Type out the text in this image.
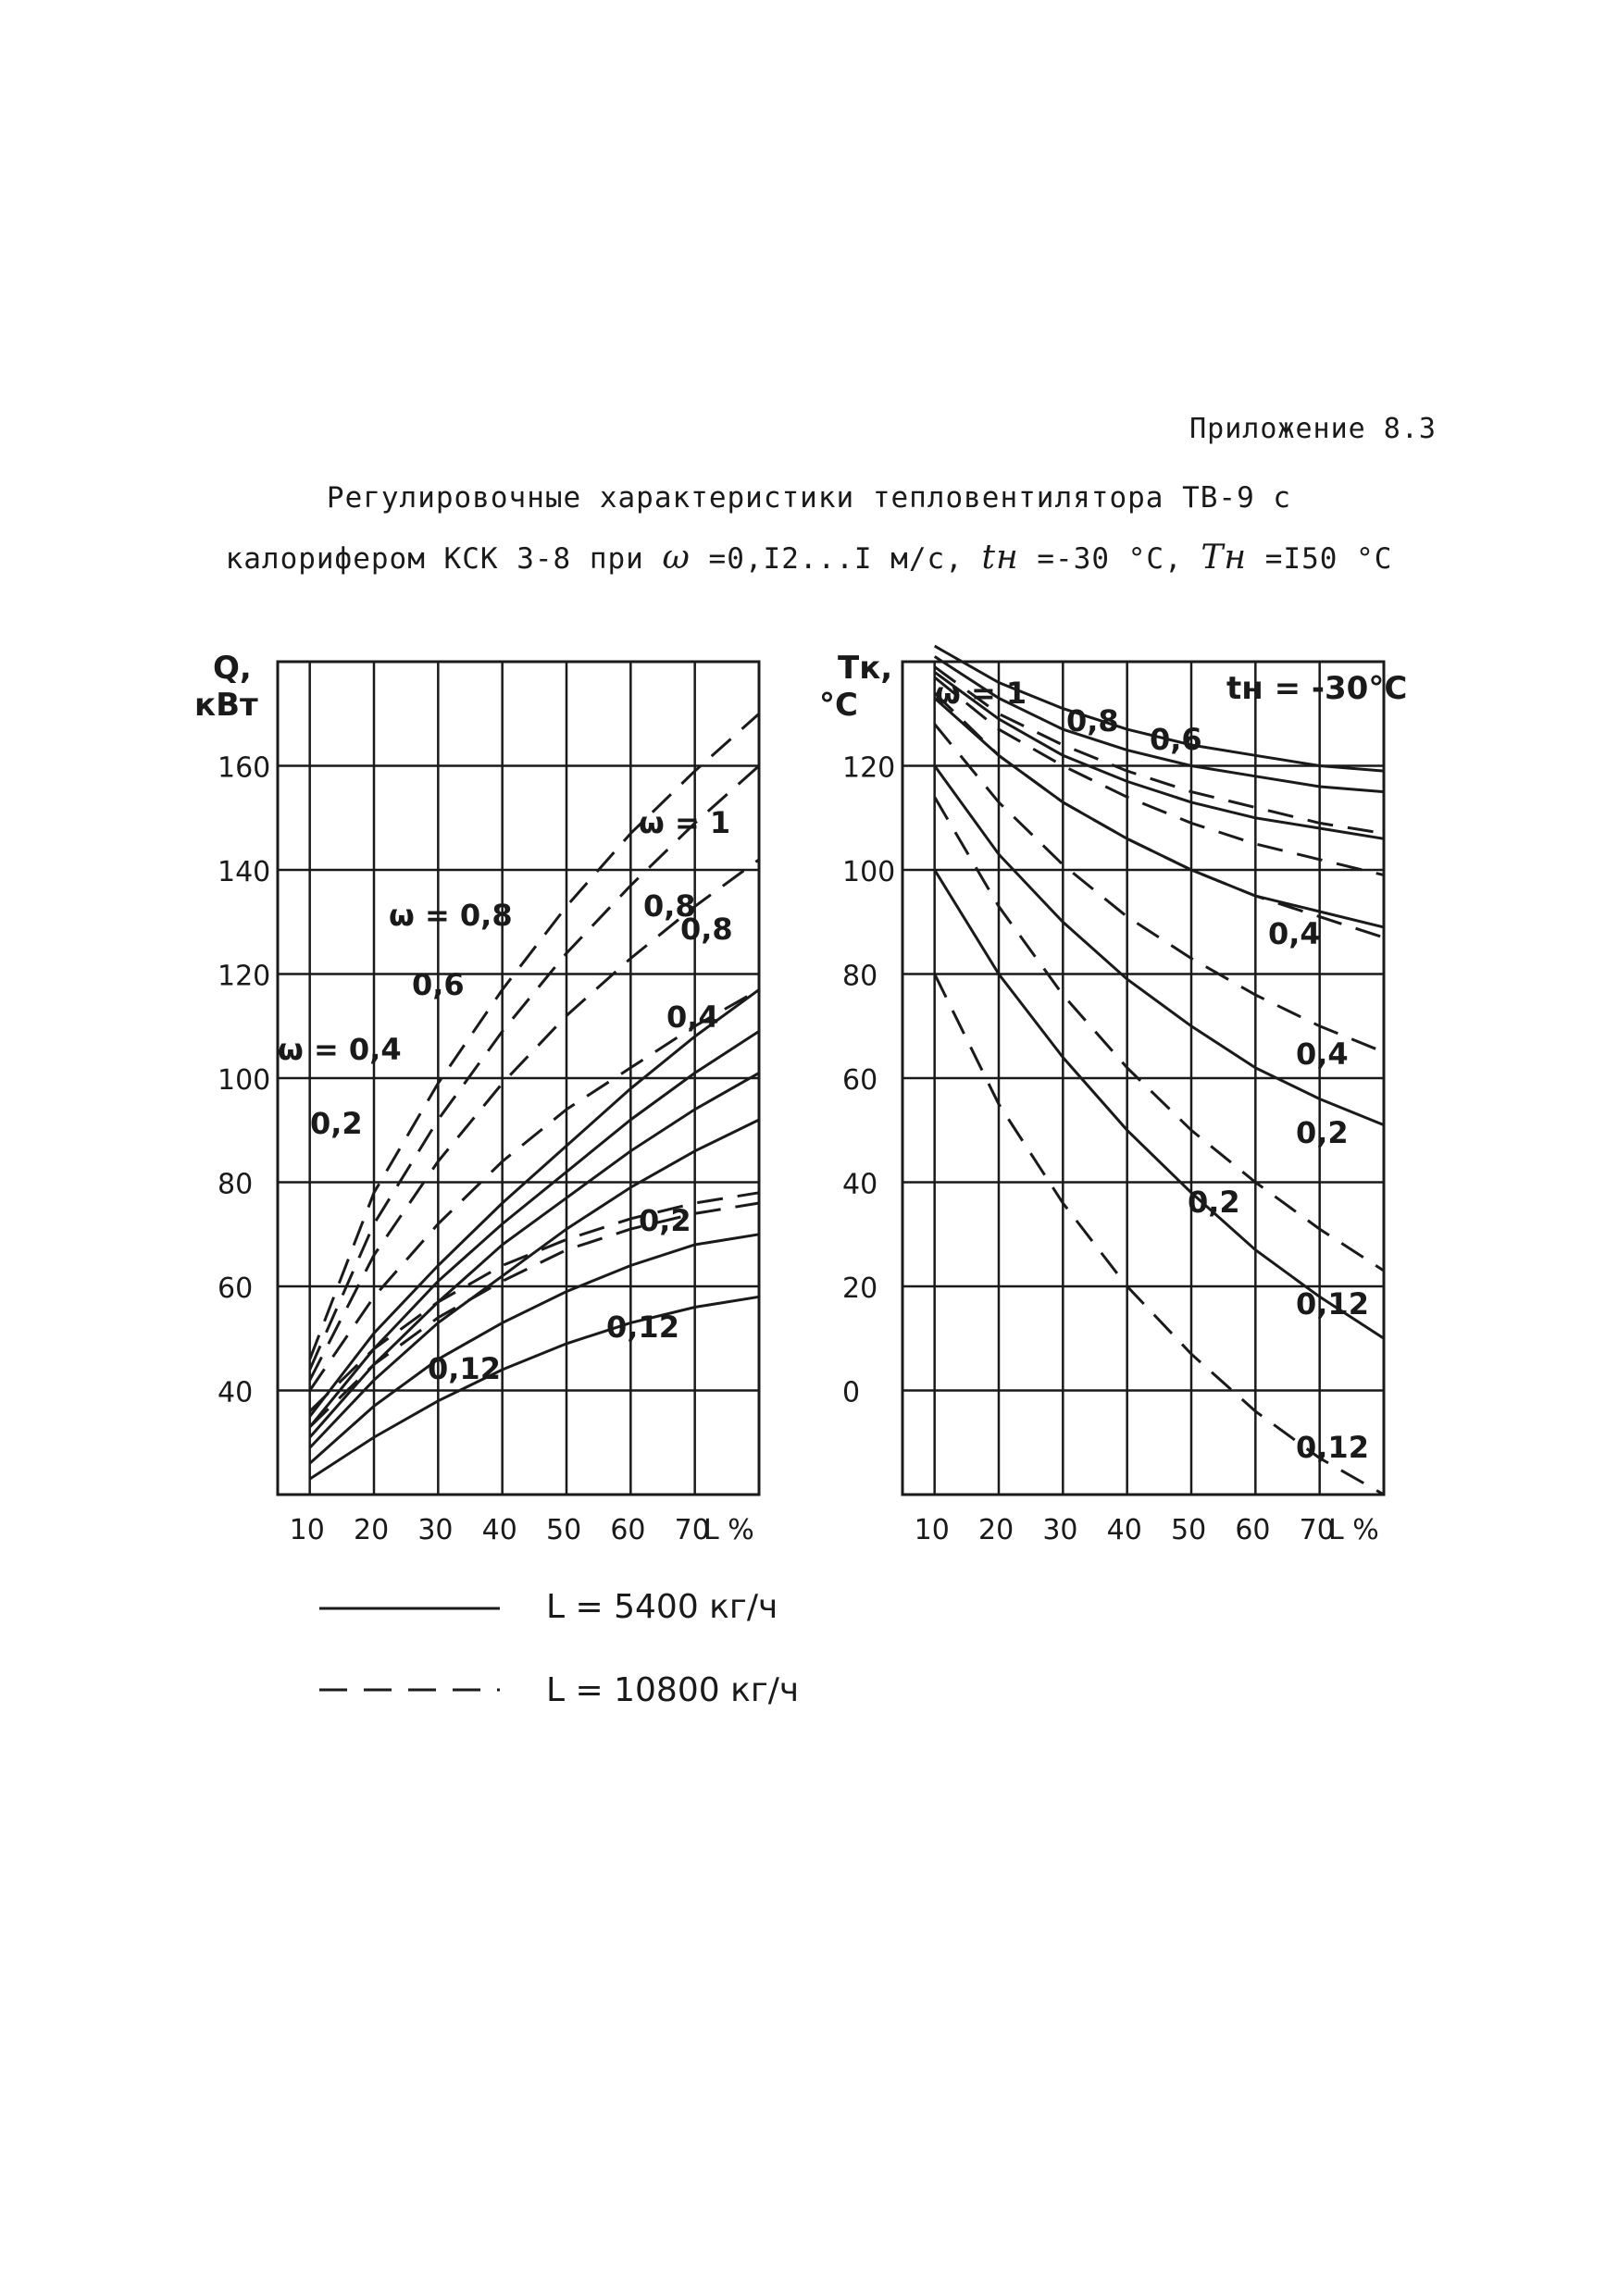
Приложение 8.3
Регулировочные характеристики тепловентилятора ТВ-9 с
калорифером КСК 3-8 при ω =0,I2...I м/с, tн =-30 °С, Тн =I50 °С
10 20 30 40 50 60 70
40
60
80
100
120
140
160
Q,
кВт
L %
ω = 1
ω = 0,8
0,6
ω = 0,4
0,2
0,8
0,8
0,4
0,2
0,12
0,12
10 20 30 40 50 60 70
0
20
40
60
80
100
120
Тк,
°С
L %
tн = -30°С
ω = 1
0,8
0,6
0,4
0,4
0,2
0,2
0,12
0,12
L = 5400 кг/ч
L = 10800 кг/ч
